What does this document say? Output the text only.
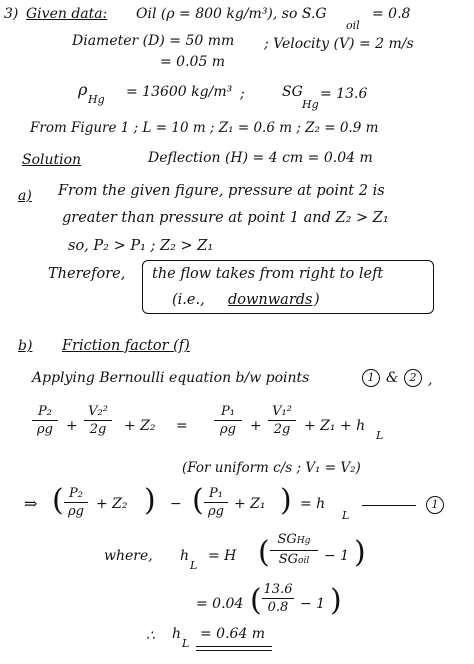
3) Given data: Oil (ρ = 800 kg/m³), so S.G
oil
= 0.8
Diameter (D) = 50 mm ; Velocity (V) = 2 m/s
= 0.05 m
ρ
Hg = 13600 kg/m³ ;	SG
Hg
= 13.6
From Figure 1 ; L = 10 m ; Z₁ = 0.6 m ; Z₂ = 0.9 m
Solution	Deflection (H) = 4 cm = 0.04 m
a) From the given figure, pressure at point 2 is
greater than pressure at point 1 and Z₂ > Z₁
so, P₂ > P₁ ; Z₂ > Z₁
Therefore, the flow takes from right to left
(i.e., downwards )
b) Friction factor (f)
Applying Bernoulli equation b/w points	1 &	2 ,
P₂
ρg +
V₂²
2g	+ Z₂ =
P₁
ρg	+
V₁²
2g + Z₁ + h
L
(For uniform c/s ; V₁ = V₂)
⇒ ( P₂
ρg + Z₂ ) − ( P₁
ρg + Z₁ ) = h
L
1
where, h
L
= H ( SGHg
SGoil	− 1 )
= 0.04 ( 13.6
0.8 − 1 )
∴ h
L
= 0.64 m
